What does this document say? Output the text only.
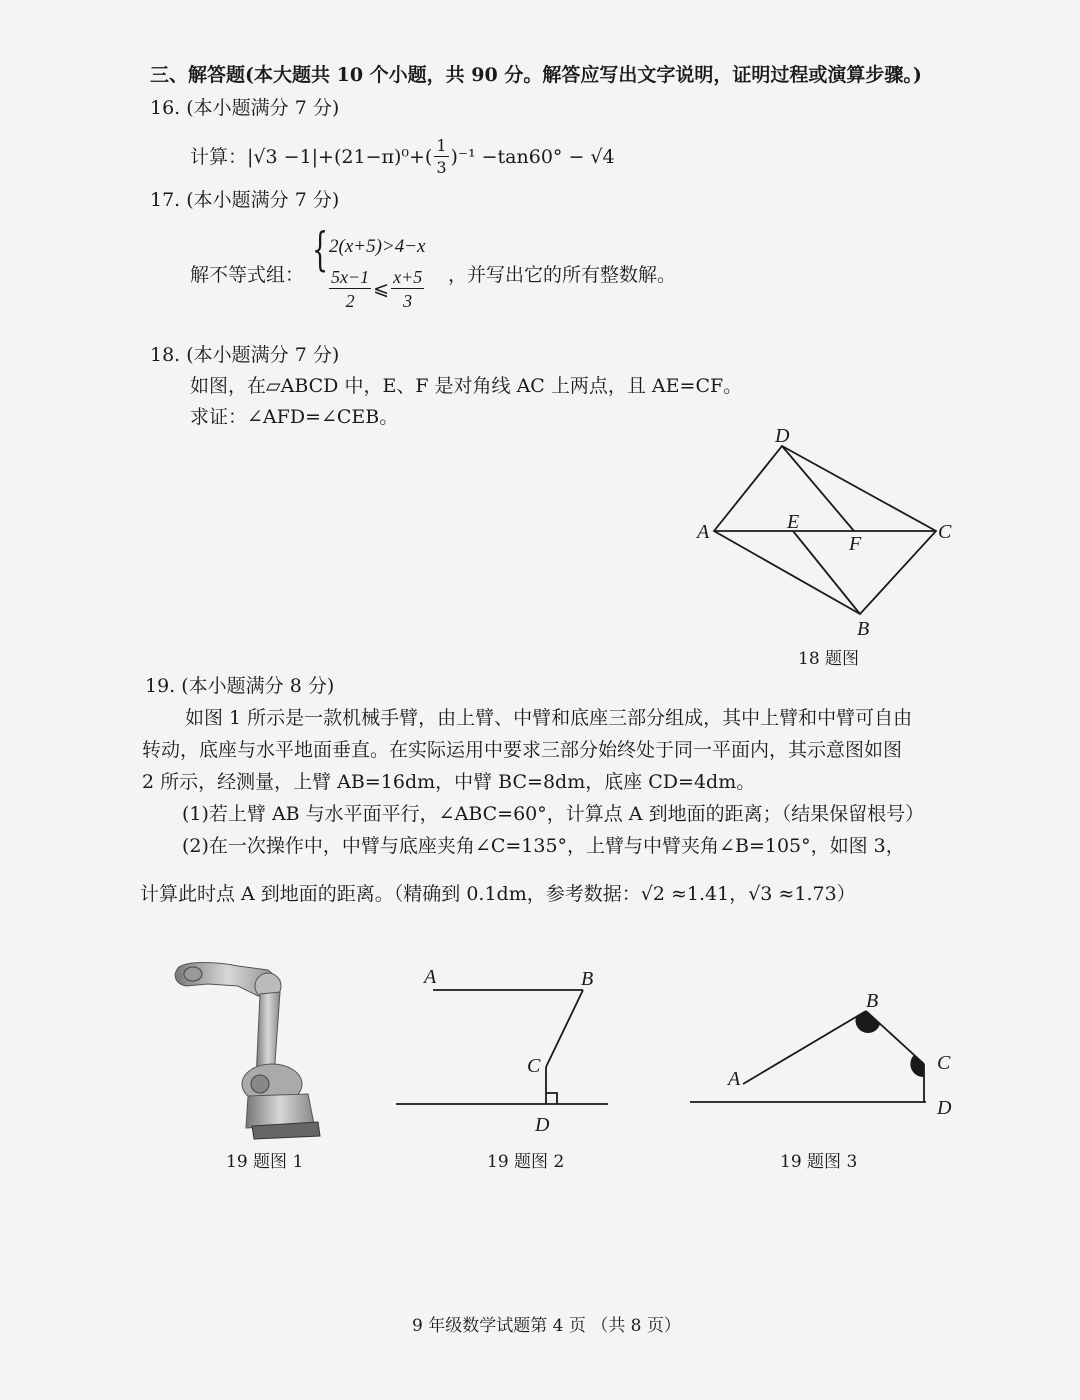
三、解答题(本大题共 10 个小题，共 90 分。解答应写出文字说明，证明过程或演算步骤。)
16. (本小题满分 7 分)
计算： $|√3 -1|+(21-\pi)^0+( \frac{1}{3} )^{-1} -\tan 60^\circ - √4$
17. (本小题满分 7 分)
解不等式组： { 2(x+5)>4−x
$\frac{5x-1}{2}$ ⩽ $\frac{x+5}{3}$ ，并写出它的所有整数解。
18. (本小题满分 7 分)
如图，在▱ABCD 中，E、F 是对角线 AC 上两点，且 AE=CF。
求证：∠AFD=∠CEB。
19. (本小题满分 8 分)
如图 1 所示是一款机械手臂，由上臂、中臂和底座三部分组成，其中上臂和中臂可自由
转动，底座与水平地面垂直。在实际运用中要求三部分始终处于同一平面内，其示意图如图
2 所示，经测量，上臂 AB=16dm，中臂 BC=8dm，底座 CD=4dm。
(1)若上臂 AB 与水平面平行，∠ABC=60°，计算点 A 到地面的距离；（结果保留根号）
(2)在一次操作中，中臂与底座夹角∠C=135°，上臂与中臂夹角∠B=105°，如图 3，
计算此时点 A 到地面的距离。（精确到 0.1dm，参考数据：√2 ≈1.41，√3 ≈1.73）
D
A	E
F
C
B
18 题图
19 题图 1
A	B
C
D
19 题图 2
B
C
A
D
19 题图 3
9 年级数学试题第 4 页 （共 8 页）
